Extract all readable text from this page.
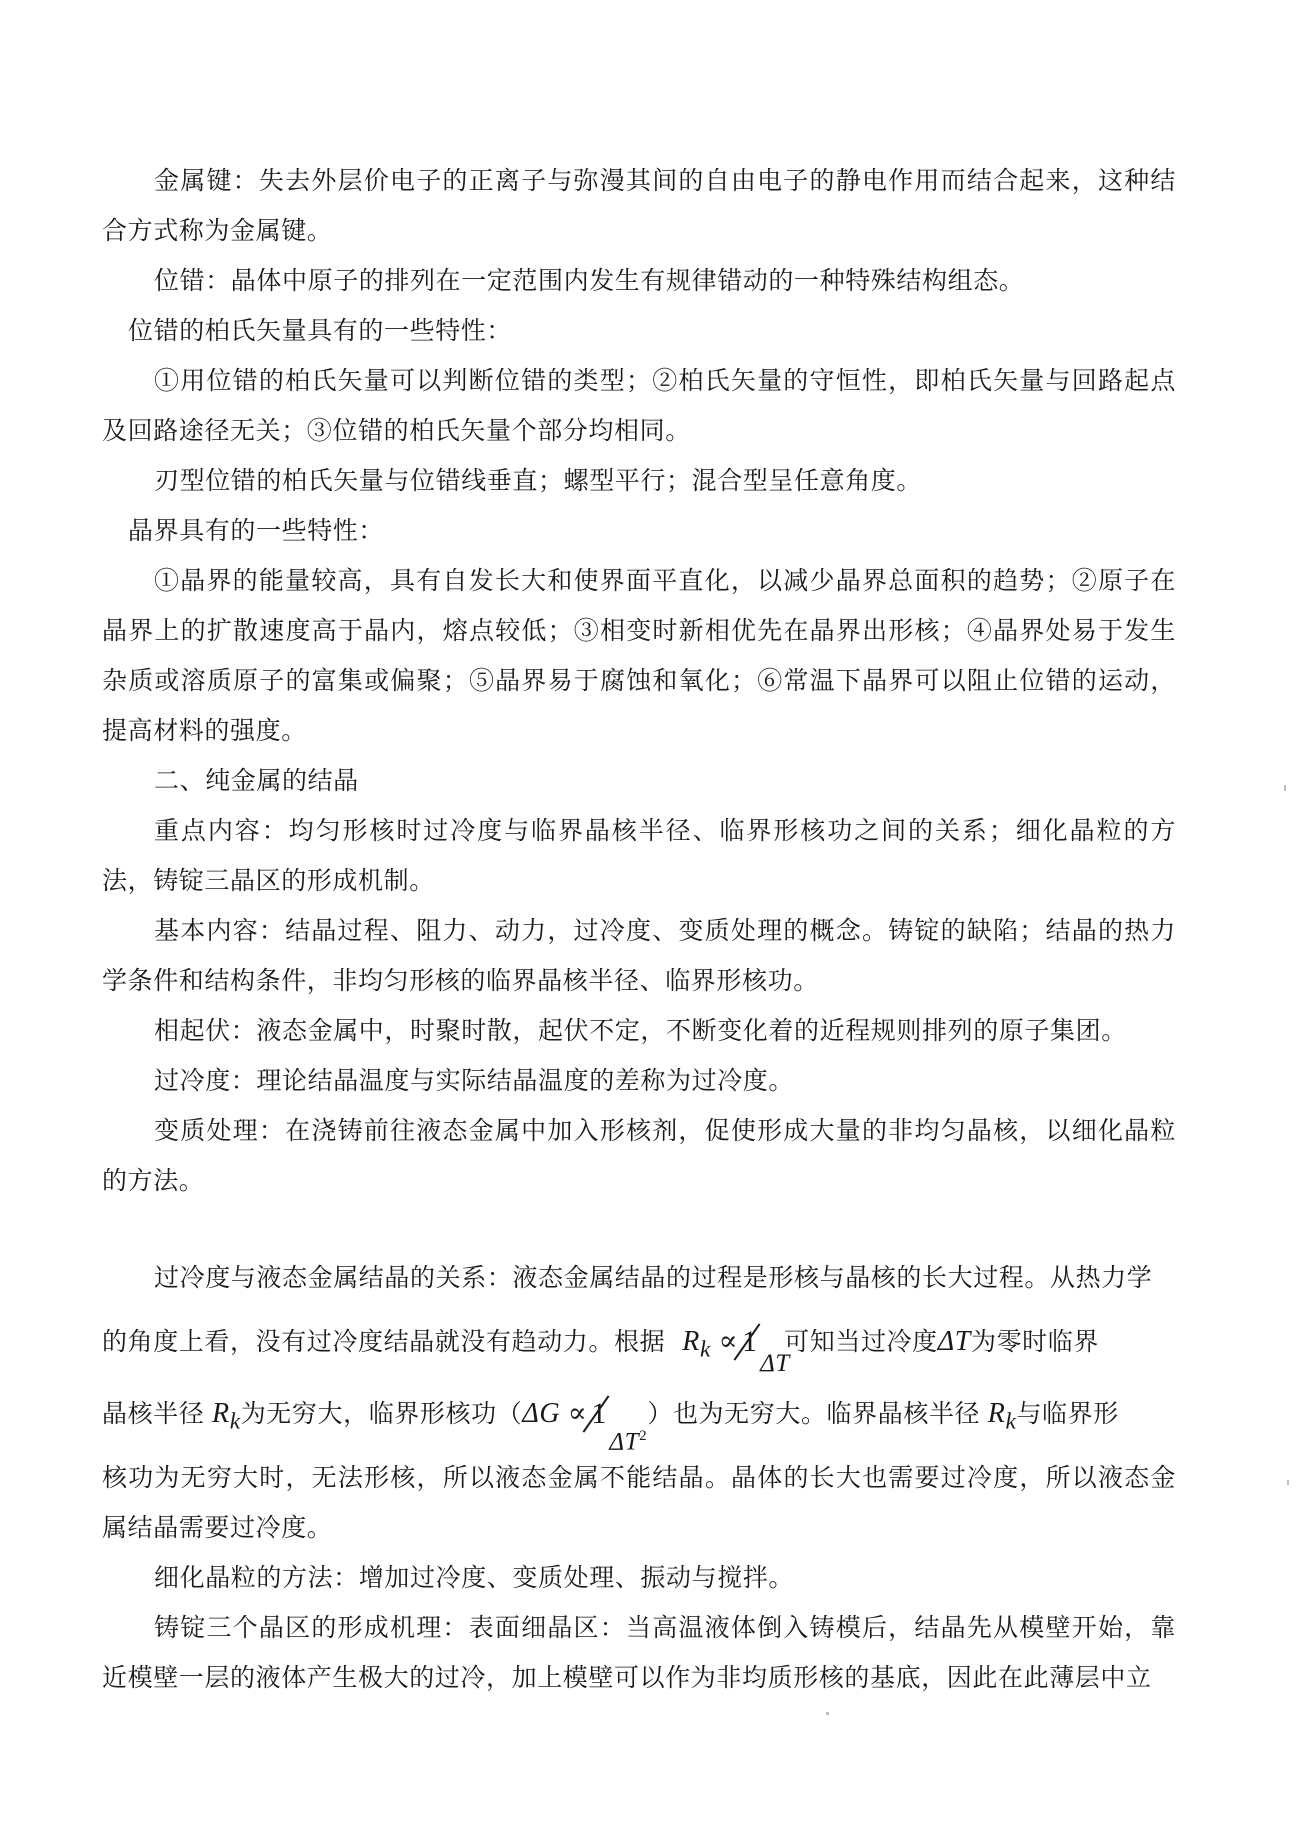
金属键：失去外层价电子的正离子与弥漫其间的自由电子的静电作用而结合起来，这种结合方式称为金属键。

位错：晶体中原子的排列在一定范围内发生有规律错动的一种特殊结构组态。

位错的柏氏矢量具有的一些特性：

①用位错的柏氏矢量可以判断位错的类型；②柏氏矢量的守恒性，即柏氏矢量与回路起点及回路途径无关；③位错的柏氏矢量个部分均相同。

刃型位错的柏氏矢量与位错线垂直；螺型平行；混合型呈任意角度。

晶界具有的一些特性：

①晶界的能量较高，具有自发长大和使界面平直化，以减少晶界总面积的趋势；②原子在晶界上的扩散速度高于晶内，熔点较低；③相变时新相优先在晶界出形核；④晶界处易于发生杂质或溶质原子的富集或偏聚；⑤晶界易于腐蚀和氧化；⑥常温下晶界可以阻止位错的运动，提高材料的强度。

二、纯金属的结晶

重点内容：均匀形核时过冷度与临界晶核半径、临界形核功之间的关系；细化晶粒的方法，铸锭三晶区的形成机制。

基本内容：结晶过程、阻力、动力，过冷度、变质处理的概念。铸锭的缺陷；结晶的热力学条件和结构条件，非均匀形核的临界晶核半径、临界形核功。

相起伏：液态金属中，时聚时散，起伏不定，不断变化着的近程规则排列的原子集团。

过冷度：理论结晶温度与实际结晶温度的差称为过冷度。

变质处理：在浇铸前往液态金属中加入形核剂，促使形成大量的非均匀晶核，以细化晶粒的方法。

过冷度与液态金属结晶的关系：液态金属结晶的过程是形核与晶核的长大过程。从热力学

的角度上看，没有过冷度结晶就没有趋动力。根据 $R_k \propto 1$
ΔT
可知当过冷度ΔT为零时临界

晶核半径 $R_k$为无穷大，临界形核功（ΔG ∝ 1
$\Delta T^2$
）也为无穷大。临界晶核半径 $R_k$与临界形

核功为无穷大时，无法形核，所以液态金属不能结晶。晶体的长大也需要过冷度，所以液态金属结晶需要过冷度。

细化晶粒的方法：增加过冷度、变质处理、振动与搅拌。

铸锭三个晶区的形成机理：表面细晶区：当高温液体倒入铸模后，结晶先从模壁开始，靠近模壁一层的液体产生极大的过冷，加上模壁可以作为非均质形核的基底，因此在此薄层中立
